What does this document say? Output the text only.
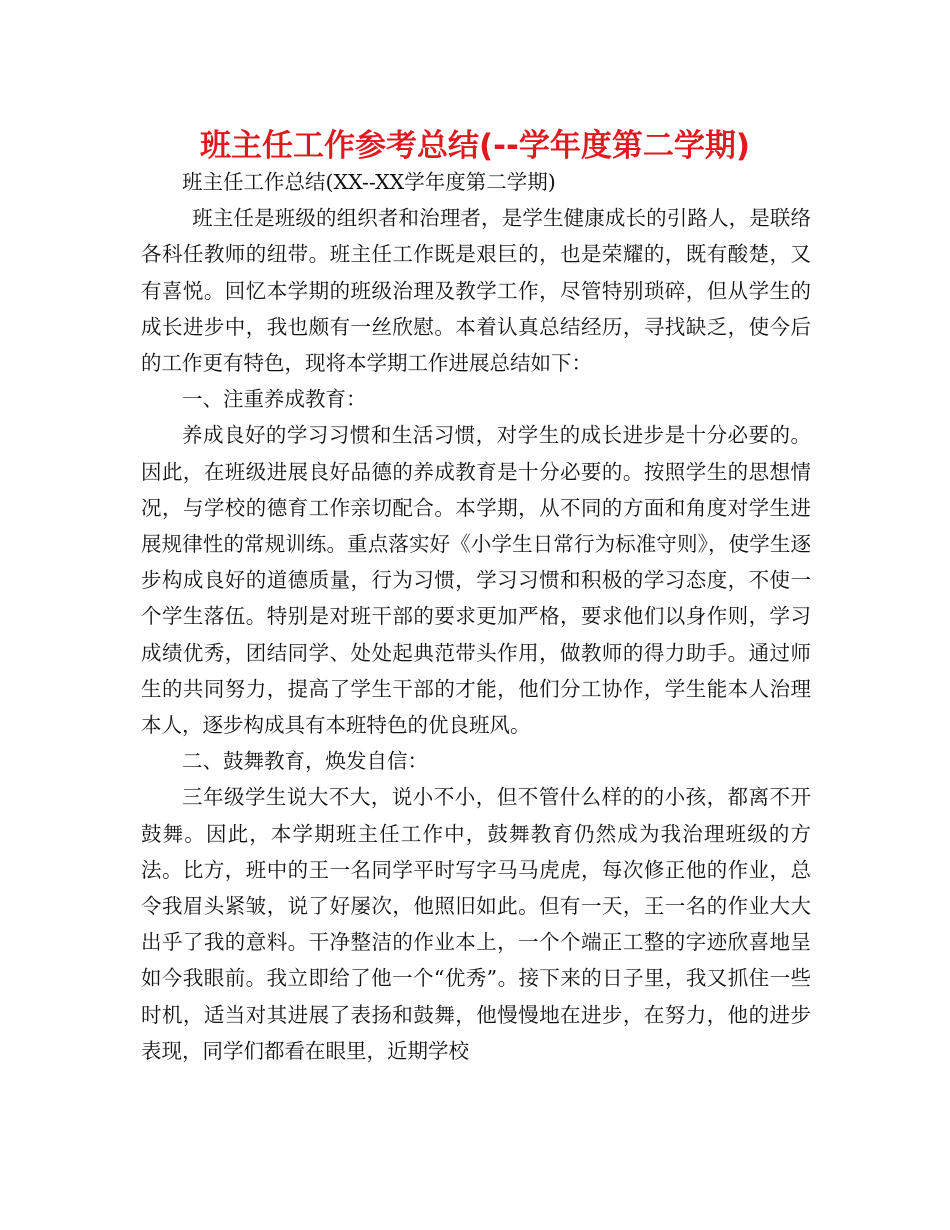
班主任工作参考总结(--学年度第二学期)

班主任工作总结(XX--XX学年度第二学期)

班主任是班级的组织者和治理者，是学生健康成长的引路人，是联络各科任教师的纽带。班主任工作既是艰巨的，也是荣耀的，既有酸楚，又有喜悦。回忆本学期的班级治理及教学工作，尽管特别琐碎，但从学生的成长进步中，我也颇有一丝欣慰。本着认真总结经历，寻找缺乏，使今后的工作更有特色，现将本学期工作进展总结如下：

一、注重养成教育：

养成良好的学习习惯和生活习惯，对学生的成长进步是十分必要的。因此，在班级进展良好品德的养成教育是十分必要的。按照学生的思想情况，与学校的德育工作亲切配合。本学期，从不同的方面和角度对学生进展规律性的常规训练。重点落实好《小学生日常行为标准守则》，使学生逐步构成良好的道德质量，行为习惯，学习习惯和积极的学习态度，不使一个学生落伍。特别是对班干部的要求更加严格，要求他们以身作则，学习成绩优秀，团结同学、处处起典范带头作用，做教师的得力助手。通过师生的共同努力，提高了学生干部的才能，他们分工协作，学生能本人治理本人，逐步构成具有本班特色的优良班风。

二、鼓舞教育，焕发自信：

三年级学生说大不大，说小不小，但不管什么样的的小孩，都离不开鼓舞。因此，本学期班主任工作中，鼓舞教育仍然成为我治理班级的方法。比方，班中的王一名同学平时写字马马虎虎，每次修正他的作业，总令我眉头紧皱，说了好屡次，他照旧如此。但有一天，王一名的作业大大出乎了我的意料。干净整洁的作业本上，一个个端正工整的字迹欣喜地呈如今我眼前。我立即给了他一个“优秀”。接下来的日子里，我又抓住一些时机，适当对其进展了表扬和鼓舞，他慢慢地在进步，在努力，他的进步表现，同学们都看在眼里，近期学校
